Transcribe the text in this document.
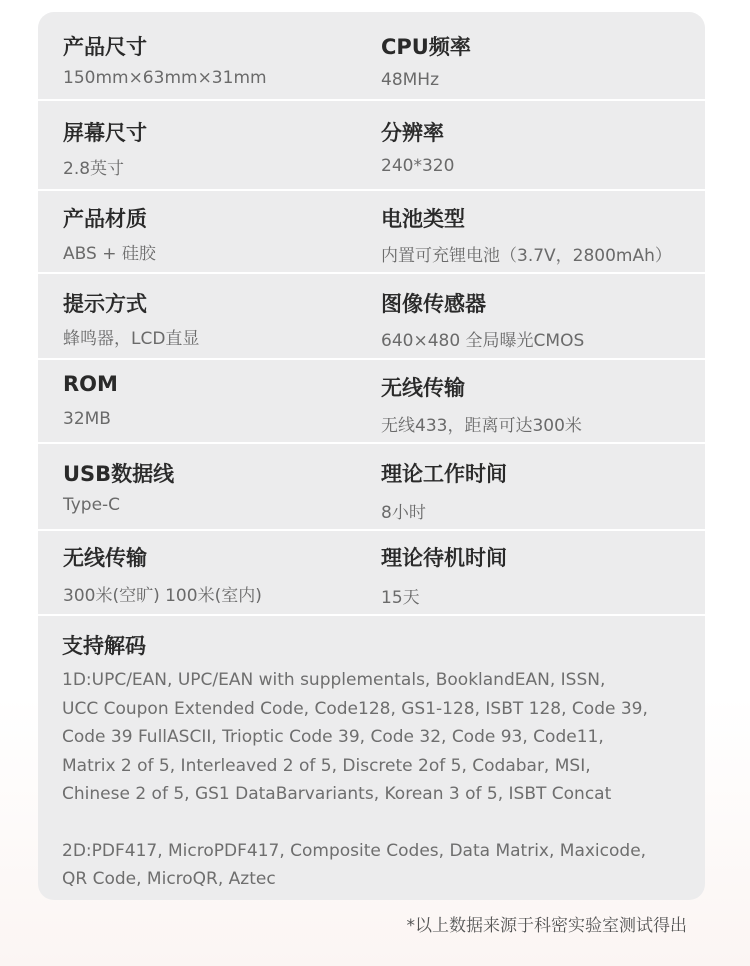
产品尺寸
150mm×63mm×31mm
CPU频率
48MHz
屏幕尺寸
2.8英寸
分辨率
240*320
产品材质
ABS + 硅胶
电池类型
内置可充锂电池（3.7V，2800mAh）
提示方式
蜂鸣器，LCD直显
图像传感器
640×480 全局曝光CMOS
ROM
32MB
无线传输
无线433，距离可达300米
USB数据线
Type-C
理论工作时间
8小时
无线传输
300米(空旷) 100米(室内)
理论待机时间
15天
支持解码
1D:UPC/EAN, UPC/EAN with supplementals, BooklandEAN, ISSN,
UCC Coupon Extended Code, Code128, GS1-128, ISBT 128, Code 39,
Code 39 FullASCII, Trioptic Code 39, Code 32, Code 93, Code11,
Matrix 2 of 5, Interleaved 2 of 5, Discrete 2of 5, Codabar, MSI,
Chinese 2 of 5, GS1 DataBarvariants, Korean 3 of 5, ISBT Concat
2D:PDF417, MicroPDF417, Composite Codes, Data Matrix, Maxicode,
QR Code, MicroQR, Aztec
*以上数据来源于科密实验室测试得出
